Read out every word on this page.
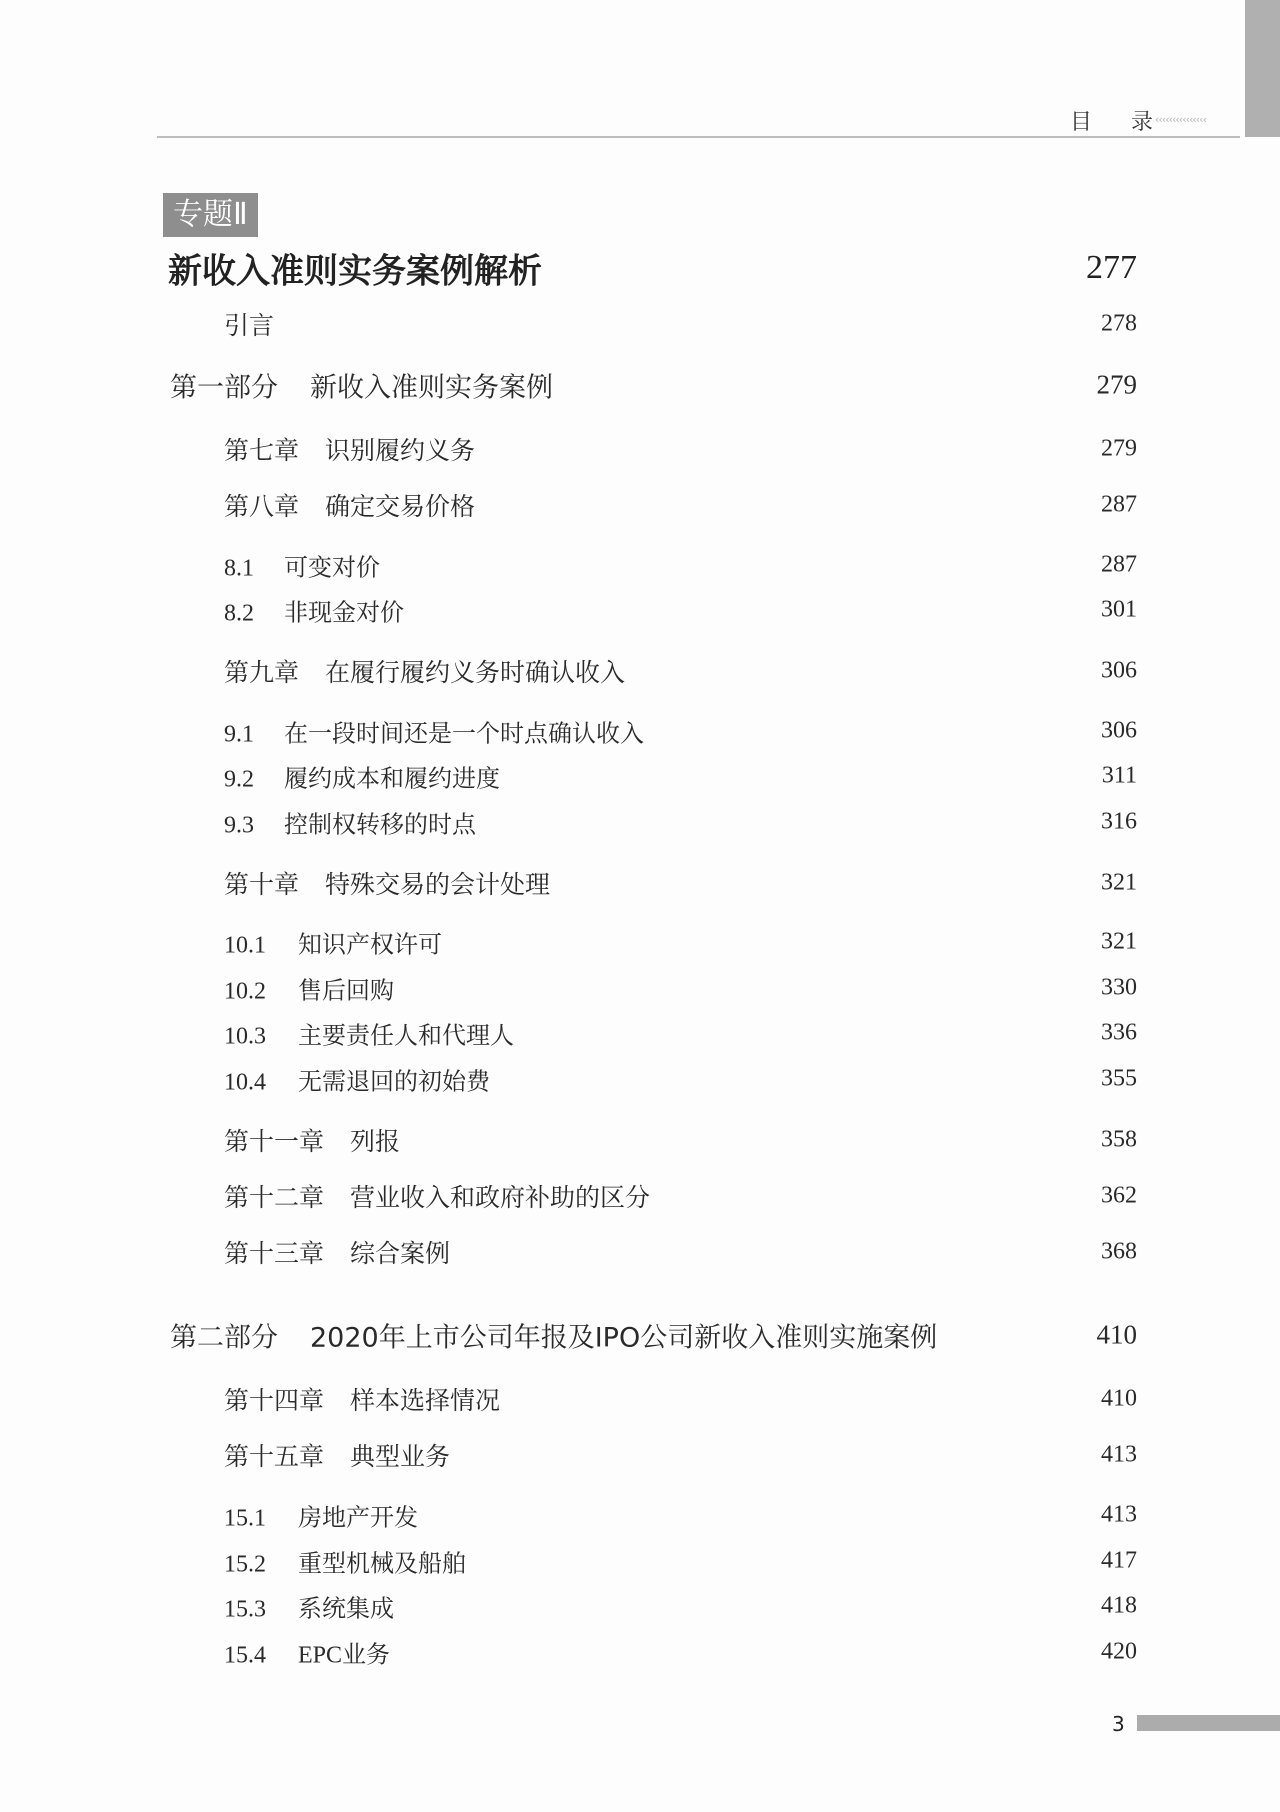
目 录
‹‹‹‹‹‹‹‹‹‹‹‹‹‹‹
专题Ⅱ
新收入准则实务案例解析	277
引言	278
第一部分 新收入准则实务案例	279
第七章 识别履约义务	279
第八章 确定交易价格	287
8.1 可变对价	287
8.2 非现金对价	301
第九章 在履行履约义务时确认收入	306
9.1 在一段时间还是一个时点确认收入	306
9.2 履约成本和履约进度	311
9.3 控制权转移的时点	316
第十章 特殊交易的会计处理	321
10.1 知识产权许可	321
10.2 售后回购	330
10.3 主要责任人和代理人	336
10.4 无需退回的初始费	355
第十一章 列报	358
第十二章 营业收入和政府补助的区分	362
第十三章 综合案例	368
第二部分 2020年上市公司年报及IPO公司新收入准则实施案例	410
第十四章 样本选择情况	410
第十五章 典型业务	413
15.1 房地产开发	413
15.2 重型机械及船舶	417
15.3 系统集成	418
15.4 EPC业务	420
3
